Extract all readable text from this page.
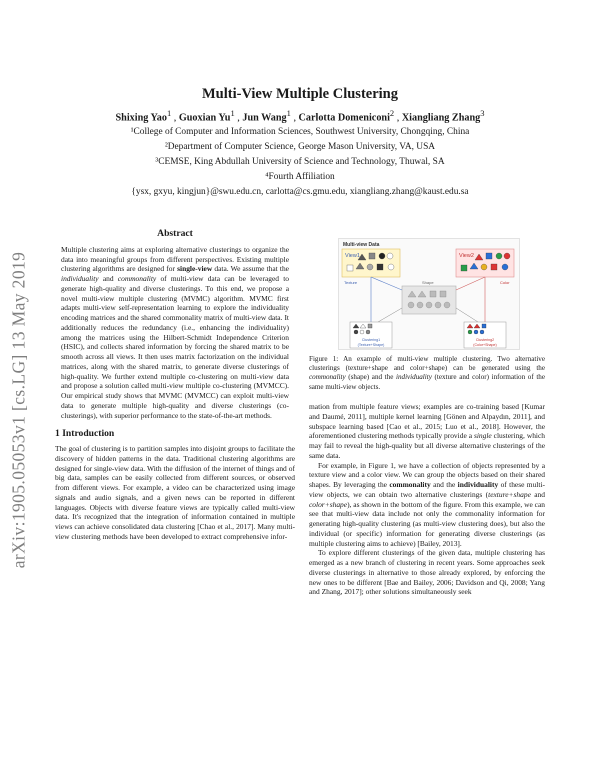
arXiv:1905.05053v1 [cs.LG] 13 May 2019
Multi-View Multiple Clustering
Shixing Yao$^1$ , Guoxian Yu$^1$ , Jun Wang$^1$ , Carlotta Domeniconi$^2$ , Xiangliang Zhang$^3$
¹College of Computer and Information Sciences, Southwest University, Chongqing, China
²Department of Computer Science, George Mason University, VA, USA
³CEMSE, King Abdullah University of Science and Technology, Thuwal, SA
⁴Fourth Affiliation
{ysx, gxyu, kingjun}@swu.edu.cn, carlotta@cs.gmu.edu, xiangliang.zhang@kaust.edu.sa
Abstract

Multiple clustering aims at exploring alternative clusterings to organize the data into meaningful groups from different perspectives. Existing multiple clustering algorithms are designed for single-view data. We assume that the individuality and commonality of multi-view data can be leveraged to generate high-quality and diverse clusterings. To this end, we propose a novel multi-view multiple clustering (MVMC) algorithm. MVMC first adapts multi-view self-representation learning to explore the individuality encoding matrices and the shared commonality matrix of multi-view data. It additionally reduces the redundancy (i.e., enhancing the individuality) among the matrices using the Hilbert-Schmidt Independence Criterion (HSIC), and collects shared information by forcing the shared matrix to be smooth across all views. It then uses matrix factorization on the individual matrices, along with the shared matrix, to generate diverse clusterings of high-quality. We further extend multiple co-clustering on multi-view data and propose a solution called multi-view multiple co-clustering (MVMCC). Our empirical study shows that MVMC (MVMCC) can exploit multi-view data to generate multiple high-quality and diverse clusterings (co-clusterings), with superior performance to the state-of-the-art methods.

1 Introduction

The goal of clustering is to partition samples into disjoint groups to facilitate the discovery of hidden patterns in the data. Traditional clustering algorithms are designed for single-view data. With the diffusion of the internet of things and of big data, samples can be easily collected from different sources, or observed from different views. For example, a video can be characterized using image signals and audio signals, and a given news can be reported in different languages. Objects with diverse feature views are typically called multi-view data. It's recognized that the integration of information contained in multiple views can achieve consolidated data clustering [Chao et al., 2017]. Many multi-view clustering methods have been developed to extract comprehensive infor-

Multi-view Data
View1	View2
Texture	Color
Shape
Clustering1
(Texture+Shape)
Clustering2
(Color+Shape)
Figure 1: An example of multi-view multiple clustering. Two alternative clusterings (texture+shape and color+shape) can be generated using the commonality (shape) and the individuality (texture and color) information of the same multi-view objects.

mation from multiple feature views; examples are co-training based [Kumar and Daumé, 2011], multiple kernel learning [Gönen and Alpaydın, 2011], and subspace learning based [Cao et al., 2015; Luo et al., 2018]. However, the aforementioned clustering methods typically provide a single clustering, which may fail to reveal the high-quality but all diverse alternative clusterings of the same data.

For example, in Figure 1, we have a collection of objects represented by a texture view and a color view. We can group the objects based on their shared shapes. By leveraging the commonality and the individuality of these multi-view objects, we can obtain two alternative clusterings (texture+shape and color+shape), as shown in the bottom of the figure. From this example, we can see that multi-view data include not only the commonality information for generating high-quality clustering (as multi-view clustering does), but also the individual (or specific) information for generating diverse clusterings (as multiple clustering aims to achieve) [Bailey, 2013].

To explore different clusterings of the given data, multiple clustering has emerged as a new branch of clustering in recent years. Some approaches seek diverse clusterings in alternative to those already explored, by enforcing the new ones to be different [Bae and Bailey, 2006; Davidson and Qi, 2008; Yang and Zhang, 2017]; other solutions simultaneously seek
